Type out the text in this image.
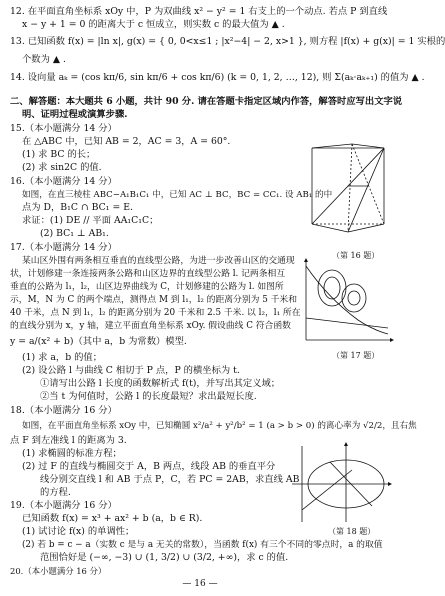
12. 在平面直角坐标系 xOy 中，P 为双曲线 x² − y² = 1 右支上的一个动点. 若点 P 到直线
x − y + 1 = 0 的距离大于 c 恒成立，则实数 c 的最大值为 ▲ .
13. 已知函数 f(x) = |ln x|, g(x) = { 0, 0<x≤1 ; |x²−4| − 2, x>1 }, 则方程 |f(x) + g(x)| = 1 实根的
个数为 ▲ .
14. 设向量 aₖ = (cos kπ/6, sin kπ/6 + cos kπ/6) (k = 0, 1, 2, …, 12), 则 Σ(aₖ·aₖ₊₁) 的值为 ▲ .
二、解答题：本大题共 6 小题，共计 90 分. 请在答题卡指定区域内作答，解答时应写出文字说
明、证明过程或演算步骤.
15.（本小题满分 14 分）
在 △ABC 中，已知 AB = 2，AC = 3，A = 60°.
(1) 求 BC 的长；
(2) 求 sin2C 的值.
16.（本小题满分 14 分）
如图，在直三棱柱 ABC−A₁B₁C₁ 中，已知 AC ⊥ BC，BC = CC₁. 设 AB₁ 的中
点为 D，B₁C ∩ BC₁ = E.
求证：(1) DE // 平面 AA₁C₁C；
(2) BC₁ ⊥ AB₁.
17.（本小题满分 14 分）
某山区外围有两条相互垂直的直线型公路，为进一步改善山区的交通现
状，计划修建一条连接两条公路和山区边界的直线型公路 l. 记两条相互
垂直的公路为 l₁，l₂，山区边界曲线为 C，计划修建的公路为 l. 如图所
示，M，N 为 C 的两个端点，测得点 M 到 l₁，l₂ 的距离分别为 5 千米和
40 千米，点 N 到 l₁，l₂ 的距离分别为 20 千米和 2.5 千米. 以 l₂，l₁ 所在
的直线分别为 x，y 轴，建立平面直角坐标系 xOy. 假设曲线 C 符合函数
y = a/(x² + b)（其中 a，b 为常数）模型.
(1) 求 a，b 的值；
(2) 设公路 l 与曲线 C 相切于 P 点，P 的横坐标为 t.
①请写出公路 l 长度的函数解析式 f(t)，并写出其定义域；
②当 t 为何值时，公路 l 的长度最短？求出最短长度.
18.（本小题满分 16 分）
如图，在平面直角坐标系 xOy 中，已知椭圆 x²/a² + y²/b² = 1 (a > b > 0) 的离心率为 √2/2，且右焦
点 F 到左准线 l 的距离为 3.
(1) 求椭圆的标准方程；
(2) 过 F 的直线与椭圆交于 A，B 两点，线段 AB 的垂直平分
线分别交直线 l 和 AB 于点 P，C，若 PC = 2AB，求直线 AB
的方程.
19.（本小题满分 16 分）
已知函数 f(x) = x³ + ax² + b (a，b ∈ R).
(1) 试讨论 f(x) 的单调性；
(2) 若 b = c − a（实数 c 是与 a 无关的常数），当函数 f(x) 有三个不同的零点时，a 的取值
范围恰好是 (−∞, −3) ∪ (1, 3/2) ∪ (3/2, +∞)，求 c 的值.
20.（本小题满分 16 分）
（第 16 题）
（第 17 题）
（第 18 题）
— 16 —
